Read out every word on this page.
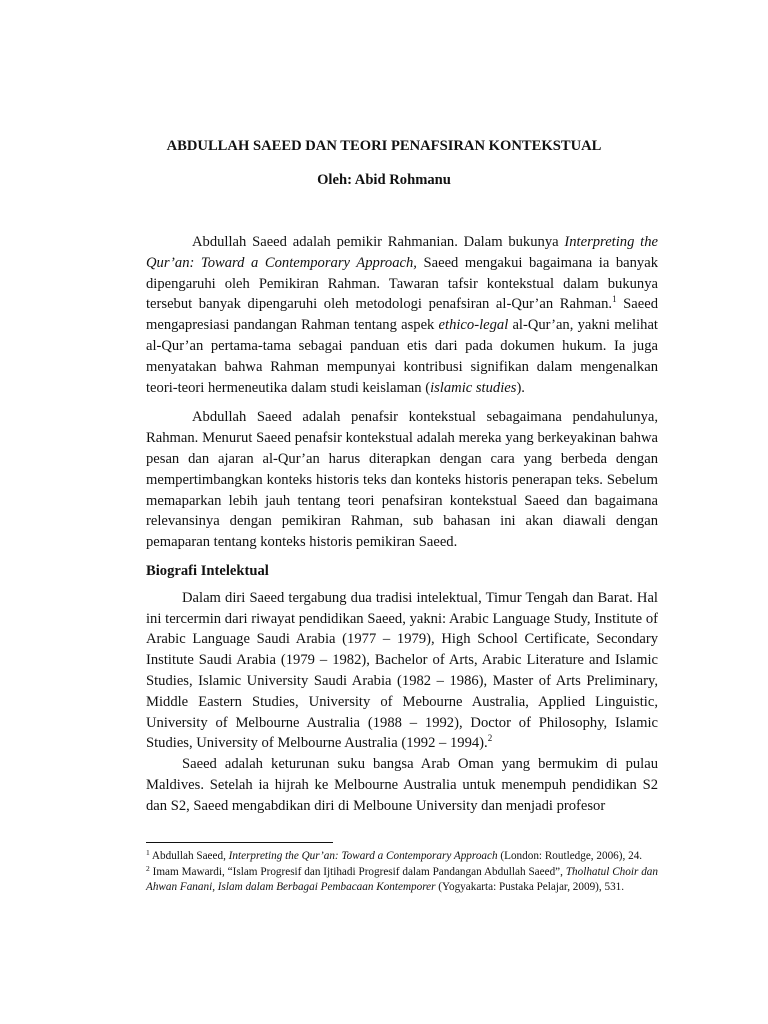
ABDULLAH SAEED DAN TEORI PENAFSIRAN KONTEKSTUAL
Oleh: Abid Rohmanu

Abdullah Saeed adalah pemikir Rahmanian. Dalam bukunya Interpreting the Qur’an: Toward a Contemporary Approach, Saeed mengakui bagaimana ia banyak dipengaruhi oleh Pemikiran Rahman. Tawaran tafsir kontekstual dalam bukunya tersebut banyak dipengaruhi oleh metodologi penafsiran al-Qur’an Rahman.$^1$ Saeed mengapresiasi pandangan Rahman tentang aspek ethico-legal al-Qur’an, yakni melihat al-Qur’an pertama-tama sebagai panduan etis dari pada dokumen hukum. Ia juga menyatakan bahwa Rahman mempunyai kontribusi signifikan dalam mengenalkan teori-teori hermeneutika dalam studi keislaman (islamic studies).

Abdullah Saeed adalah penafsir kontekstual sebagaimana pendahulunya, Rahman. Menurut Saeed penafsir kontekstual adalah mereka yang berkeyakinan bahwa pesan dan ajaran al-Qur’an harus diterapkan dengan cara yang berbeda dengan mempertimbangkan konteks historis teks dan konteks historis penerapan teks. Sebelum memaparkan lebih jauh tentang teori penafsiran kontekstual Saeed dan bagaimana relevansinya dengan pemikiran Rahman, sub bahasan ini akan diawali dengan pemaparan tentang konteks historis pemikiran Saeed.

Biografi Intelektual

Dalam diri Saeed tergabung dua tradisi intelektual, Timur Tengah dan Barat. Hal ini tercermin dari riwayat pendidikan Saeed, yakni: Arabic Language Study, Institute of Arabic Language Saudi Arabia (1977 – 1979), High School Certificate, Secondary Institute Saudi Arabia (1979 – 1982), Bachelor of Arts, Arabic Literature and Islamic Studies, Islamic University Saudi Arabia (1982 – 1986), Master of Arts Preliminary, Middle Eastern Studies, University of Mebourne Australia, Applied Linguistic, University of Melbourne Australia (1988 – 1992), Doctor of Philosophy, Islamic Studies, University of Melbourne Australia (1992 – 1994).$^2$

Saeed adalah keturunan suku bangsa Arab Oman yang bermukim di pulau Maldives. Setelah ia hijrah ke Melbourne Australia untuk menempuh pendidikan S2 dan S2, Saeed mengabdikan diri di Melboune University dan menjadi profesor

$^1$ Abdullah Saeed, Interpreting the Qur’an: Toward a Contemporary Approach (London: Routledge, 2006), 24.

$^2$ Imam Mawardi, “Islam Progresif dan Ijtihadi Progresif dalam Pandangan Abdullah Saeed”, Tholhatul Choir dan Ahwan Fanani, Islam dalam Berbagai Pembacaan Kontemporer (Yogyakarta: Pustaka Pelajar, 2009), 531.
